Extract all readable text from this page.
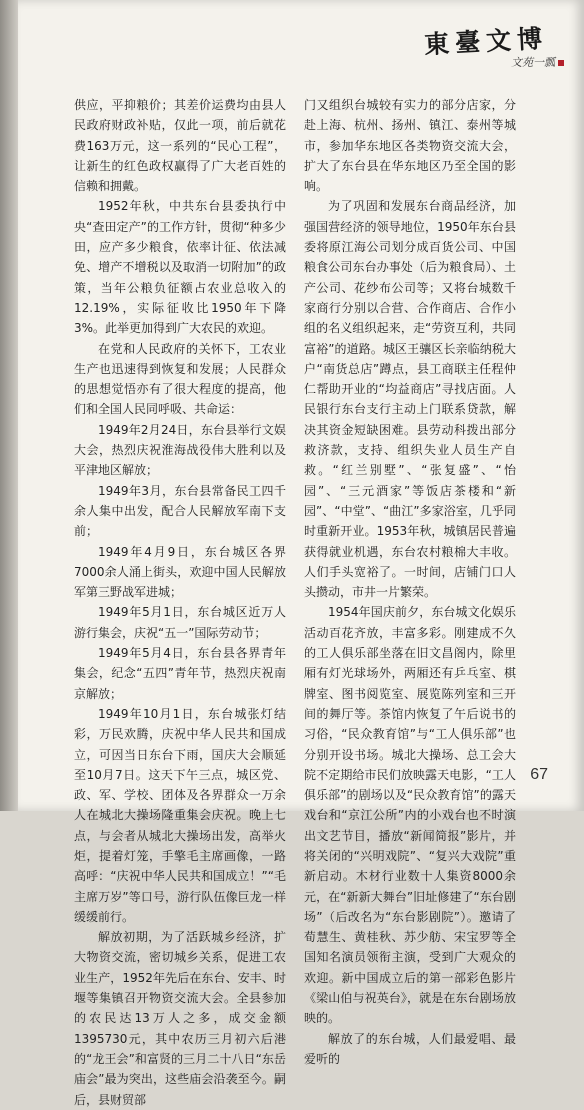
東臺文博
文苑一瓢

供应，平抑粮价；其差价运费均由县人民政府财政补贴，仅此一项，前后就花费163万元，这一系列的“民心工程”，让新生的红色政权赢得了广大老百姓的信赖和拥戴。

1952年秋，中共东台县委执行中央“查田定产”的工作方针，贯彻“种多少田，应产多少粮食，依率计征、依法减免、增产不增税以及取消一切附加”的政策，当年公粮负征额占农业总收入的12.19%，实际征收比1950年下降3%。此举更加得到广大农民的欢迎。

在党和人民政府的关怀下，工农业生产也迅速得到恢复和发展；人民群众的思想觉悟亦有了很大程度的提高，他们和全国人民同呼吸、共命运：

1949年2月24日，东台县举行文娱大会，热烈庆祝淮海战役伟大胜利以及平津地区解放；

1949年3月，东台县常备民工四千余人集中出发，配合人民解放军南下支前；

1949年4月9日，东台城区各界7000余人涌上街头，欢迎中国人民解放军第三野战军进城；

1949年5月1日，东台城区近万人游行集会，庆祝“五一”国际劳动节；

1949年5月4日，东台县各界青年集会，纪念“五四”青年节，热烈庆祝南京解放；

1949年10月1日，东台城张灯结彩，万民欢腾，庆祝中华人民共和国成立，可因当日东台下雨，国庆大会顺延至10月7日。这天下午三点，城区党、政、军、学校、团体及各界群众一万余人在城北大操场隆重集会庆祝。晚上七点，与会者从城北大操场出发，高举火炬，提着灯笼，手擎毛主席画像，一路高呼：“庆祝中华人民共和国成立！”“毛主席万岁”等口号，游行队伍像巨龙一样缓缓前行。

解放初期，为了活跃城乡经济，扩大物资交流，密切城乡关系，促进工农业生产，1952年先后在东台、安丰、时堰等集镇召开物资交流大会。全县参加的农民达13万人之多，成交金额1395730元，其中农历三月初六后港的“龙王会”和富贤的三月二十八日“东岳庙会”最为突出，这些庙会沿袭至今。嗣后，县财贸部

门又组织台城较有实力的部分店家，分赴上海、杭州、扬州、镇江、泰州等城市，参加华东地区各类物资交流大会，扩大了东台县在华东地区乃至全国的影响。

为了巩固和发展东台商品经济，加强国营经济的领导地位，1950年东台县委将原江海公司划分成百货公司、中国粮食公司东台办事处（后为粮食局）、土产公司、花纱布公司等；又将台城数千家商行分别以合营、合作商店、合作小组的名义组织起来，走“劳资互利，共同富裕”的道路。城区王骧区长亲临纳税大户“南货总店”蹲点，县工商联主任程仲仁帮助开业的“均益商店”寻找店面。人民银行东台支行主动上门联系贷款，解决其资金短缺困难。县劳动科拨出部分救济款，支持、组织失业人员生产自救。“红兰别墅”、“张复盛”、“怡园”、“三元酒家”等饭店茶楼和“新园”、“中堂”、“曲江”多家浴室，几乎同时重新开业。1953年秋，城镇居民普遍获得就业机遇，东台农村粮棉大丰收。人们手头宽裕了。一时间，店铺门口人头攒动，市井一片繁荣。

1954年国庆前夕，东台城文化娱乐活动百花齐放，丰富多彩。刚建成不久的工人俱乐部坐落在旧文昌阁内，除里厢有灯光球场外，两厢还有乒乓室、棋牌室、图书阅览室、展览陈列室和三开间的舞厅等。茶馆内恢复了午后说书的习俗，“民众教育馆”与“工人俱乐部”也分别开设书场。城北大操场、总工会大院不定期给市民们放映露天电影，“工人俱乐部”的剧场以及“民众教育馆”的露天戏台和“京江公所”内的小戏台也不时演出文艺节目，播放“新闻简报”影片，并将关闭的“兴明戏院”、“复兴大戏院”重新启动。木材行业数十人集资8000余元，在“新新大舞台”旧址修建了“东台剧场”（后改名为“东台影剧院”）。邀请了荀慧生、黄桂秋、苏少舫、宋宝罗等全国知名演员领衔主演，受到广大观众的欢迎。新中国成立后的第一部彩色影片《梁山伯与祝英台》，就是在东台剧场放映的。

解放了的东台城，人们最爱唱、最爱听的

67
